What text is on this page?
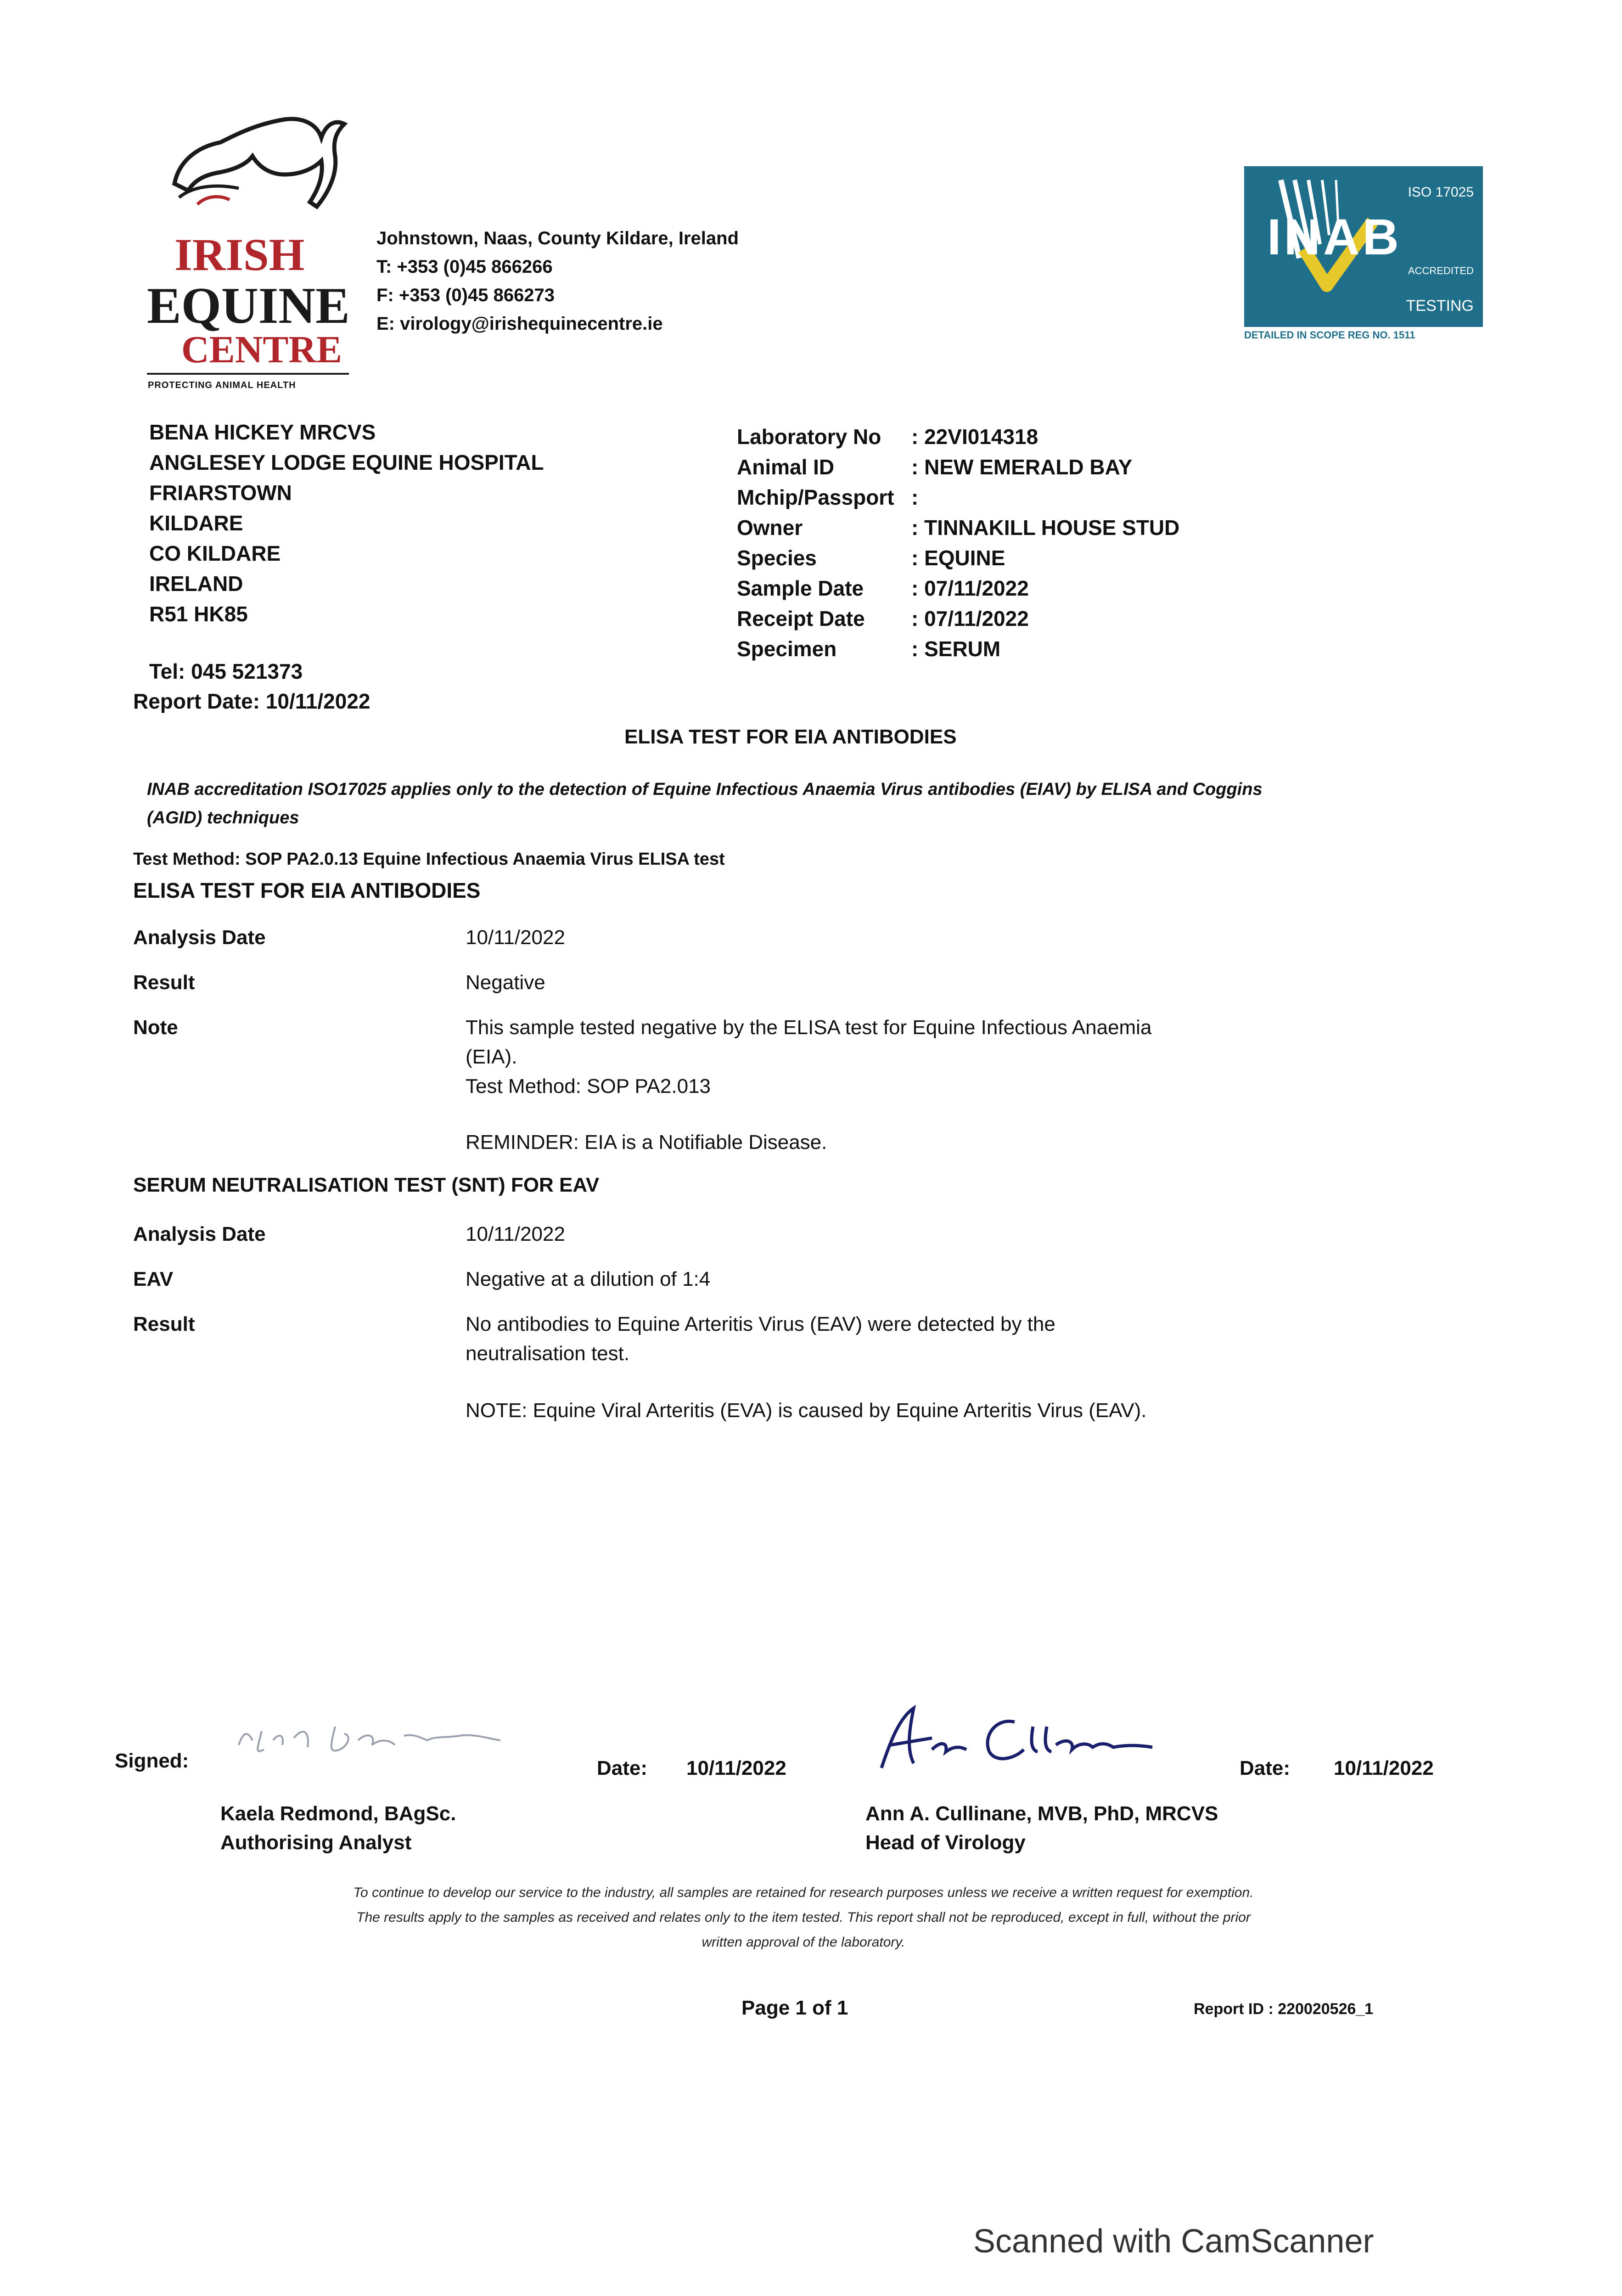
IRISH
EQUINE
CENTRE
PROTECTING ANIMAL HEALTH
Johnstown, Naas, County Kildare, Ireland
T: +353 (0)45 866266
F: +353 (0)45 866273
E: virology@irishequinecentre.ie
ISO 17025
INAB
ACCREDITED
TESTING
DETAILED IN SCOPE REG NO. 1511
BENA HICKEY MRCVS
ANGLESEY LODGE EQUINE HOSPITAL
FRIARSTOWN
KILDARE
CO KILDARE
IRELAND
R51 HK85
Tel: 045 521373
Report Date: 10/11/2022
Laboratory No	: 22VI014318
Animal ID	: NEW EMERALD BAY
Mchip/Passport :
Owner	: TINNAKILL HOUSE STUD
Species	: EQUINE
Sample Date	: 07/11/2022
Receipt Date	: 07/11/2022
Specimen	: SERUM
ELISA TEST FOR EIA ANTIBODIES
INAB accreditation ISO17025 applies only to the detection of Equine Infectious Anaemia Virus antibodies (EIAV) by ELISA and Coggins (AGID) techniques
Test Method: SOP PA2.0.13 Equine Infectious Anaemia Virus ELISA test
ELISA TEST FOR EIA ANTIBODIES
Analysis Date	10/11/2022
Result	Negative
Note	This sample tested negative by the ELISA test for Equine Infectious Anaemia (EIA).
Test Method: SOP PA2.013
REMINDER: EIA is a Notifiable Disease.
SERUM NEUTRALISATION TEST (SNT) FOR EAV
Analysis Date	10/11/2022
EAV	Negative at a dilution of 1:4
Result	No antibodies to Equine Arteritis Virus (EAV) were detected by the neutralisation test.
NOTE: Equine Viral Arteritis (EVA) is caused by Equine Arteritis Virus (EAV).
Signed:	Date: 10/11/2022	Date: 10/11/2022
Kaela Redmond, BAgSc.
Authorising Analyst
Ann A. Cullinane, MVB, PhD, MRCVS
Head of Virology
To continue to develop our service to the industry, all samples are retained for research purposes unless we receive a written request for exemption.
The results apply to the samples as received and relates only to the item tested. This report shall not be reproduced, except in full, without the prior
written approval of the laboratory.
Page 1 of 1	Report ID : 220020526_1
Scanned with CamScanner
